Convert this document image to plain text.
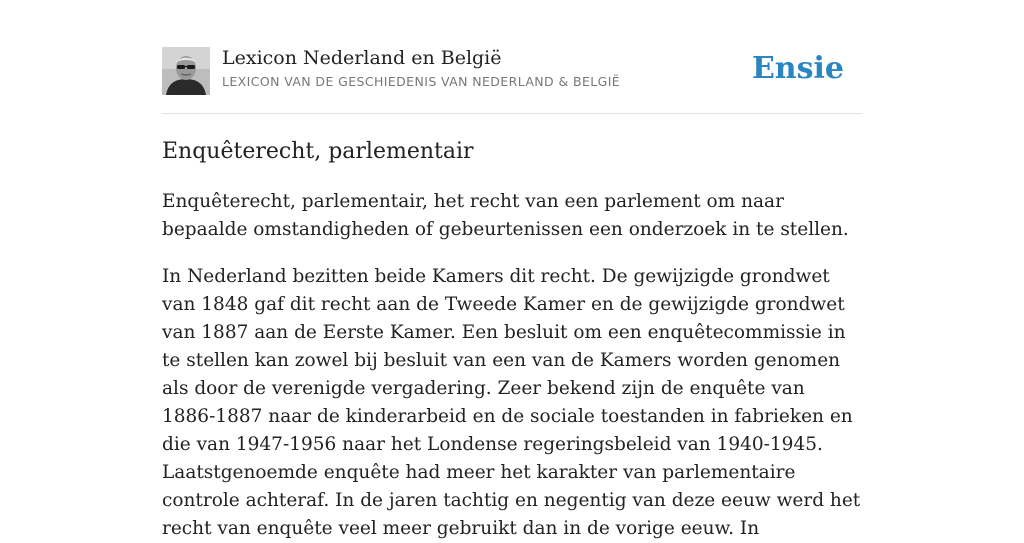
Lexicon Nederland en België
LEXICON VAN DE GESCHIEDENIS VAN NEDERLAND & BELGIË	Ensie
Enquêterecht, parlementair

Enquêterecht, parlementair, het recht van een parlement om naar bepaalde omstandigheden of gebeurtenissen een onderzoek in te stellen.

In Nederland bezitten beide Kamers dit recht. De gewijzigde grondwet van 1848 gaf dit recht aan de Tweede Kamer en de gewijzigde grondwet van 1887 aan de Eerste Kamer. Een besluit om een enquêtecommissie in te stellen kan zowel bij besluit van een van de Kamers worden genomen als door de verenigde vergadering. Zeer bekend zijn de enquête van 1886-1887 naar de kinderarbeid en de sociale toestanden in fabrieken en die van 1947-1956 naar het Londense regeringsbeleid van 1940-1945. Laatstgenoemde enquête had meer het karakter van parlementaire controle achteraf. In de jaren tachtig en negentig van deze eeuw werd het recht van enquête veel meer gebruikt dan in de vorige eeuw. In
